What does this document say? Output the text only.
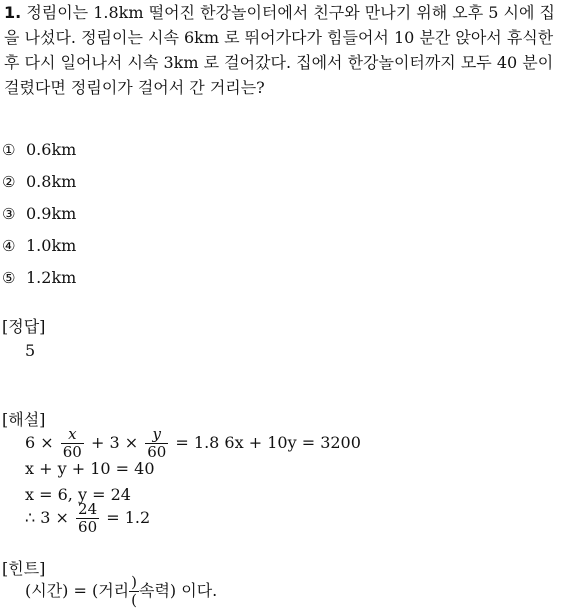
1. 정림이는 1.8km 떨어진 한강놀이터에서 친구와 만나기 위해 오후 5 시에 집
을 나섰다. 정림이는 시속 6km 로 뛰어가다가 힘들어서 10 분간 앉아서 휴식한
후 다시 일어나서 시속 3km 로 걸어갔다. 집에서 한강놀이터까지 모두 40 분이
걸렸다면 정림이가 걸어서 간 거리는?
① 0.6km
② 0.8km
③ 0.9km
④ 1.0km
⑤ 1.2km
[정답]
5
[해설]
$6 \times \frac{x}{60} + 3 \times \frac{y}{60} = 1.8$ 6x + 10y = 3200
x + y + 10 = 40
x = 6, y = 24
∴ $3 \times \frac{24}{60} = 1.2$
[힌트]
(시간) = (거리 $\frac{)}{(}$ 속력) 이다.
